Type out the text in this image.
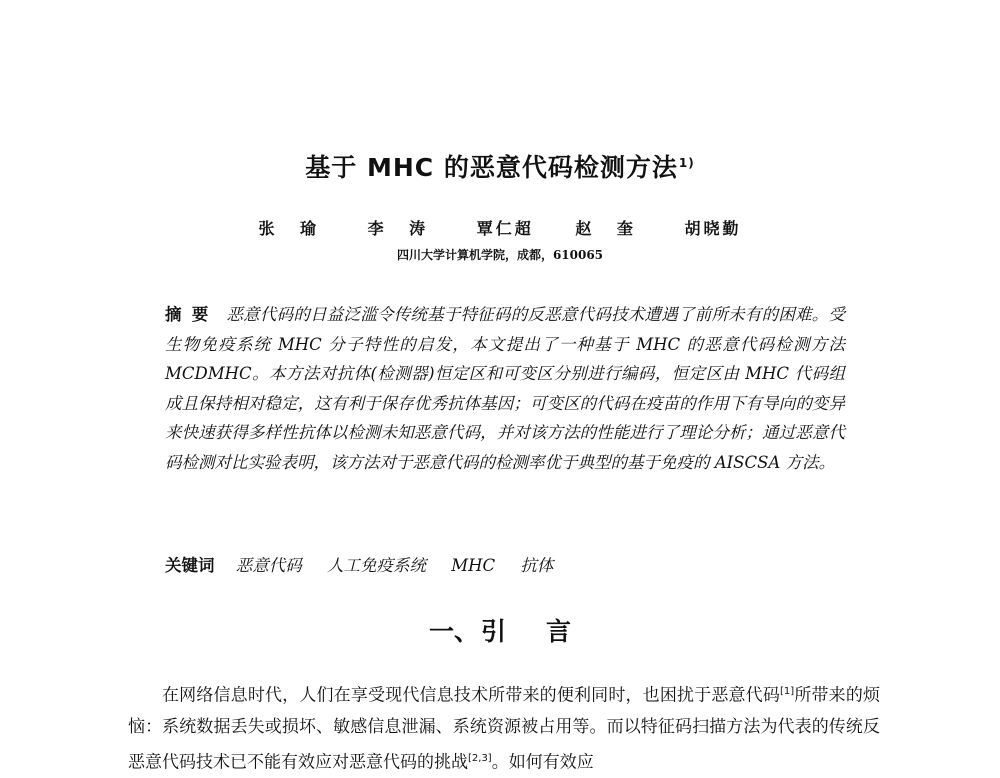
基于 MHC 的恶意代码检测方法$^{1)}$
张 瑜	李 涛	覃仁超	赵 奎	胡晓勤
四川大学计算机学院，成都，610065
摘要 恶意代码的日益泛滥令传统基于特征码的反恶意代码技术遭遇了前所未有的困难。受生物免疫系统 MHC 分子特性的启发，本文提出了一种基于 MHC 的恶意代码检测方法 MCDMHC。本方法对抗体(检测器)恒定区和可变区分别进行编码，恒定区由 MHC 代码组成且保持相对稳定，这有利于保存优秀抗体基因；可变区的代码在疫苗的作用下有导向的变异来快速获得多样性抗体以检测未知恶意代码，并对该方法的性能进行了理论分析；通过恶意代码检测对比实验表明，该方法对于恶意代码的检测率优于典型的基于免疫的 AISCSA 方法。
关键词 恶意代码 人工免疫系统 MHC 抗体
一、引 言
在网络信息时代，人们在享受现代信息技术所带来的便利同时，也困扰于恶意代码[1]所带来的烦恼：系统数据丢失或损坏、敏感信息泄漏、系统资源被占用等。而以特征码扫描方法为代表的传统反恶意代码技术已不能有效应对恶意代码的挑战[2,3]。如何有效应
